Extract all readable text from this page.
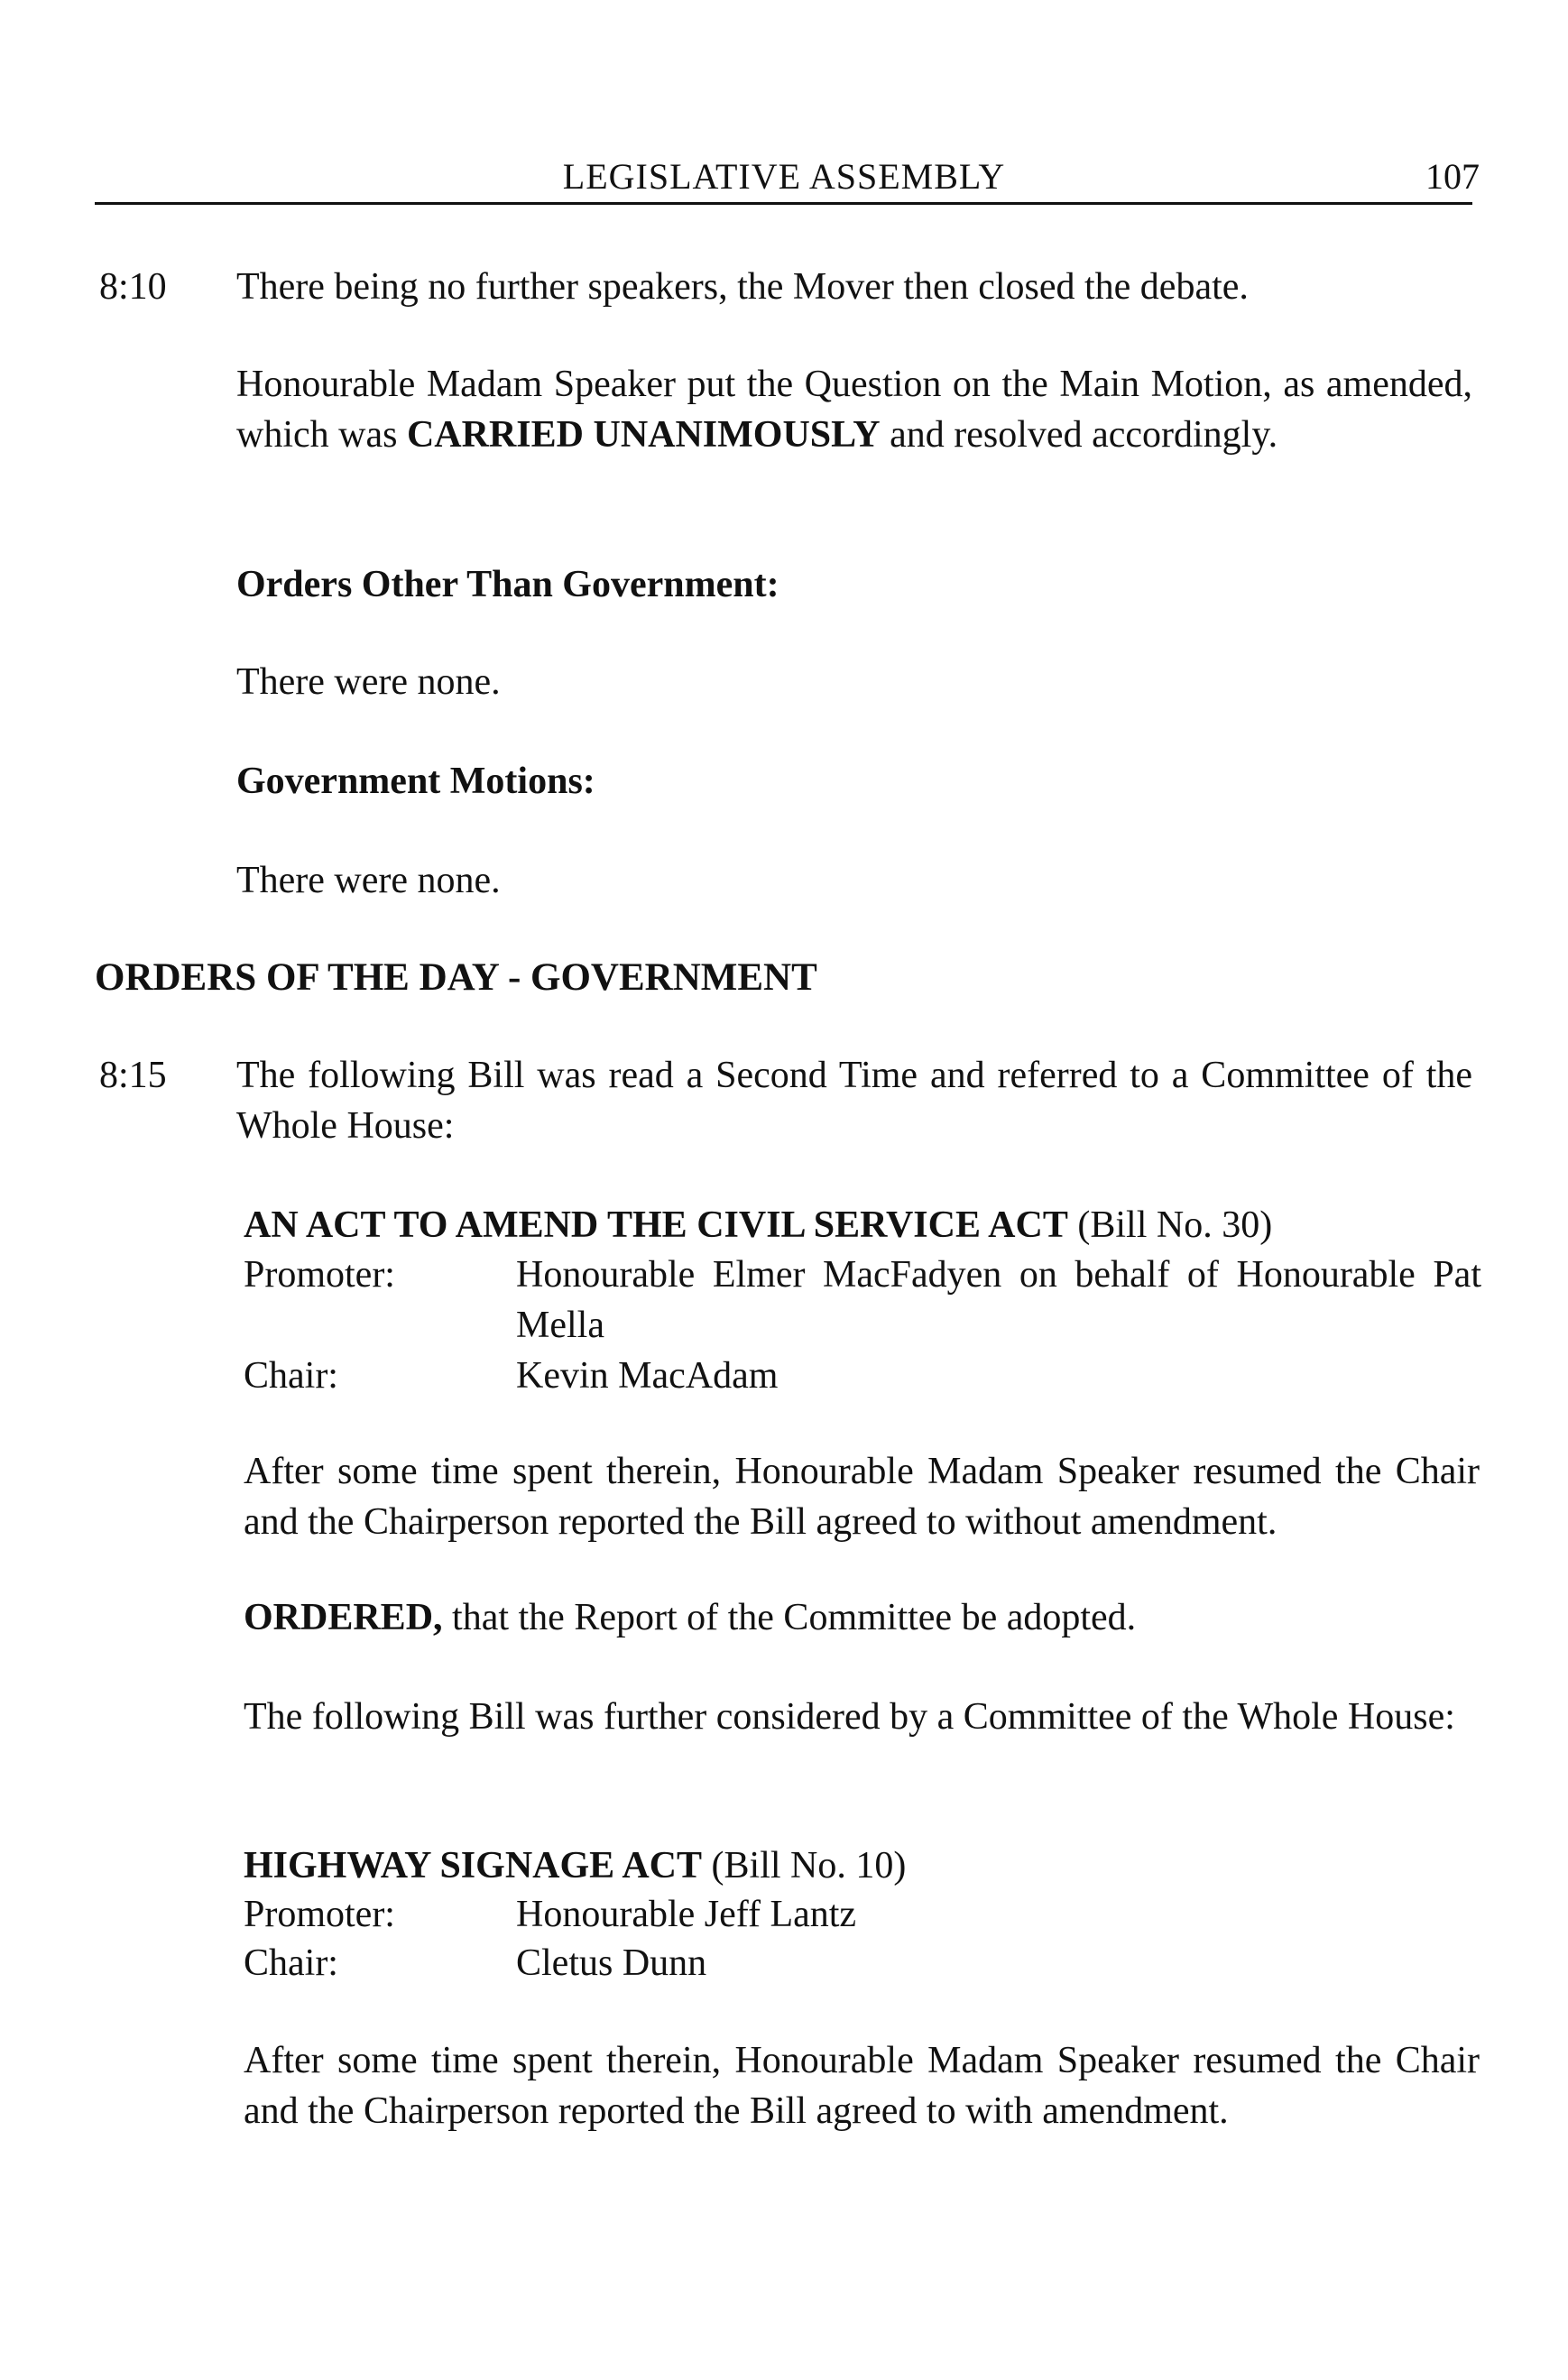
LEGISLATIVE ASSEMBLY	107
8:10 There being no further speakers, the Mover then closed the debate.
Honourable Madam Speaker put the Question on the Main Motion, as amended, which was CARRIED UNANIMOUSLY and resolved accordingly.
Orders Other Than Government:
There were none.
Government Motions:
There were none.
ORDERS OF THE DAY - GOVERNMENT
8:15 The following Bill was read a Second Time and referred to a Committee of the Whole House:
AN ACT TO AMEND THE CIVIL SERVICE ACT (Bill No. 30)
Promoter:	Honourable Elmer MacFadyen on behalf of Honourable Pat Mella
Chair:	Kevin MacAdam
After some time spent therein, Honourable Madam Speaker resumed the Chair and the Chairperson reported the Bill agreed to without amendment.
ORDERED, that the Report of the Committee be adopted.
The following Bill was further considered by a Committee of the Whole House:
HIGHWAY SIGNAGE ACT (Bill No. 10)
Promoter:	Honourable Jeff Lantz
Chair:	Cletus Dunn
After some time spent therein, Honourable Madam Speaker resumed the Chair and the Chairperson reported the Bill agreed to with amendment.
